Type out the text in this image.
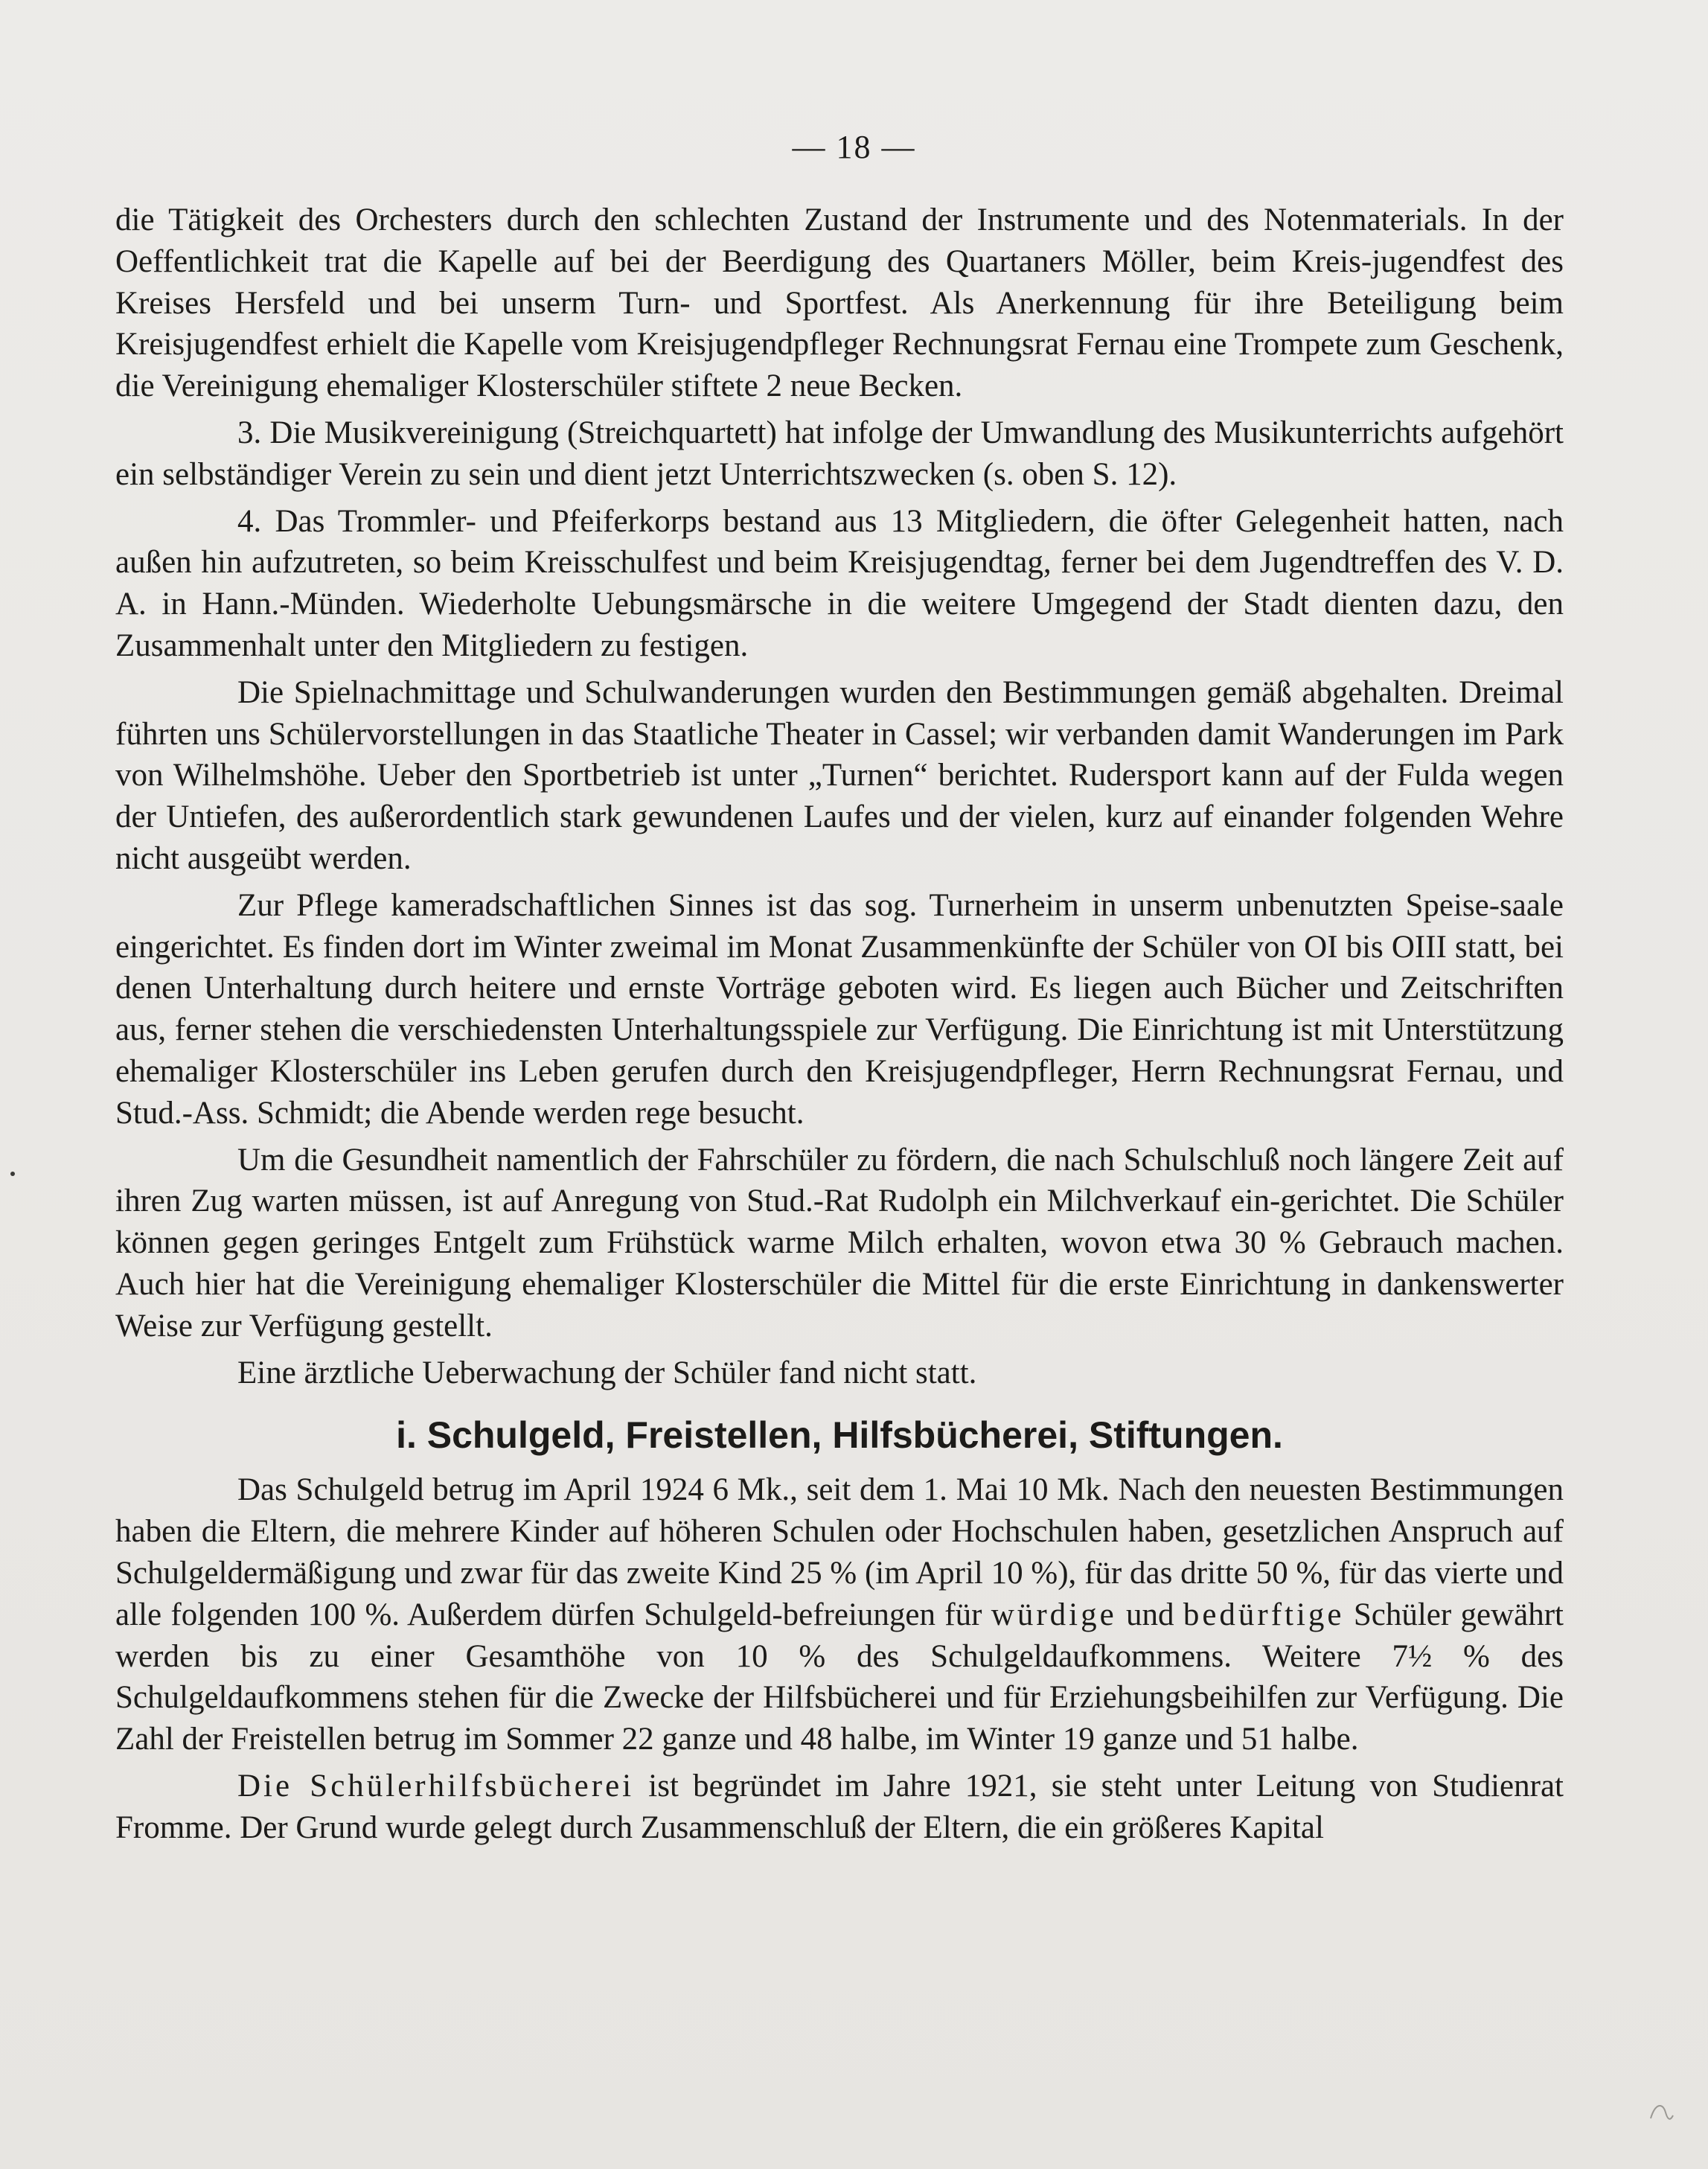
— 18 —

die Tätigkeit des Orchesters durch den schlechten Zustand der Instrumente und des Notenmaterials. In der Oeffentlichkeit trat die Kapelle auf bei der Beerdigung des Quartaners Möller, beim Kreis-jugendfest des Kreises Hersfeld und bei unserm Turn- und Sportfest. Als Anerkennung für ihre Beteiligung beim Kreisjugendfest erhielt die Kapelle vom Kreisjugendpfleger Rechnungsrat Fernau eine Trompete zum Geschenk, die Vereinigung ehemaliger Klosterschüler stiftete 2 neue Becken.

3. Die Musikvereinigung (Streichquartett) hat infolge der Umwandlung des Musikunterrichts aufgehört ein selbständiger Verein zu sein und dient jetzt Unterrichtszwecken (s. oben S. 12).

4. Das Trommler- und Pfeiferkorps bestand aus 13 Mitgliedern, die öfter Gelegenheit hatten, nach außen hin aufzutreten, so beim Kreisschulfest und beim Kreisjugendtag, ferner bei dem Jugendtreffen des V. D. A. in Hann.-Münden. Wiederholte Uebungsmärsche in die weitere Umgegend der Stadt dienten dazu, den Zusammenhalt unter den Mitgliedern zu festigen.

Die Spielnachmittage und Schulwanderungen wurden den Bestimmungen gemäß abgehalten. Dreimal führten uns Schülervorstellungen in das Staatliche Theater in Cassel; wir verbanden damit Wanderungen im Park von Wilhelmshöhe. Ueber den Sportbetrieb ist unter „Turnen“ berichtet. Rudersport kann auf der Fulda wegen der Untiefen, des außerordentlich stark gewundenen Laufes und der vielen, kurz auf einander folgenden Wehre nicht ausgeübt werden.

Zur Pflege kameradschaftlichen Sinnes ist das sog. Turnerheim in unserm unbenutzten Speise-saale eingerichtet. Es finden dort im Winter zweimal im Monat Zusammenkünfte der Schüler von OI bis OIII statt, bei denen Unterhaltung durch heitere und ernste Vorträge geboten wird. Es liegen auch Bücher und Zeitschriften aus, ferner stehen die verschiedensten Unterhaltungsspiele zur Verfügung. Die Einrichtung ist mit Unterstützung ehemaliger Klosterschüler ins Leben gerufen durch den Kreisjugendpfleger, Herrn Rechnungsrat Fernau, und Stud.-Ass. Schmidt; die Abende werden rege besucht.

Um die Gesundheit namentlich der Fahrschüler zu fördern, die nach Schulschluß noch längere Zeit auf ihren Zug warten müssen, ist auf Anregung von Stud.-Rat Rudolph ein Milchverkauf ein-gerichtet. Die Schüler können gegen geringes Entgelt zum Frühstück warme Milch erhalten, wovon etwa 30 % Gebrauch machen. Auch hier hat die Vereinigung ehemaliger Klosterschüler die Mittel für die erste Einrichtung in dankenswerter Weise zur Verfügung gestellt.

Eine ärztliche Ueberwachung der Schüler fand nicht statt.

i. Schulgeld, Freistellen, Hilfsbücherei, Stiftungen.

Das Schulgeld betrug im April 1924 6 Mk., seit dem 1. Mai 10 Mk. Nach den neuesten Bestimmungen haben die Eltern, die mehrere Kinder auf höheren Schulen oder Hochschulen haben, gesetzlichen Anspruch auf Schulgeldermäßigung und zwar für das zweite Kind 25 % (im April 10 %), für das dritte 50 %, für das vierte und alle folgenden 100 %. Außerdem dürfen Schulgeld-befreiungen für würdige und bedürftige Schüler gewährt werden bis zu einer Gesamthöhe von 10 % des Schulgeldaufkommens. Weitere 7½ % des Schulgeldaufkommens stehen für die Zwecke der Hilfsbücherei und für Erziehungsbeihilfen zur Verfügung. Die Zahl der Freistellen betrug im Sommer 22 ganze und 48 halbe, im Winter 19 ganze und 51 halbe.

Die Schülerhilfsbücherei ist begründet im Jahre 1921, sie steht unter Leitung von Studienrat Fromme. Der Grund wurde gelegt durch Zusammenschluß der Eltern, die ein größeres Kapital
